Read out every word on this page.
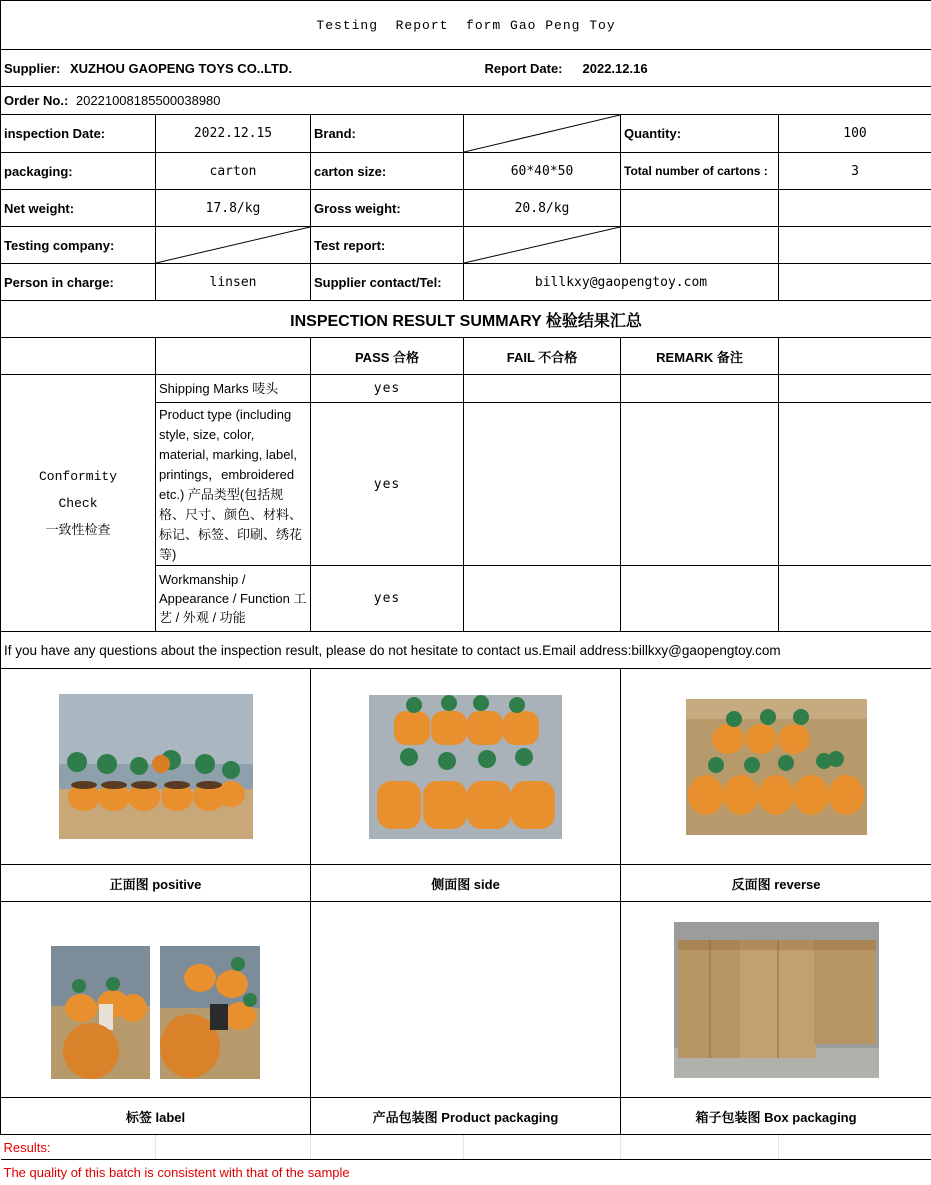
Testing  Report  form Gao Peng Toy					
Supplier: XUZHOU GAOPENG TOYS CO..LTD. Report Date: 2022.12.16					

Order No.: 20221008185500038980					
inspection Date:	2022.12.15	Brand:		Quantity:	100
packaging:	carton	carton size:	60*40*50	Total number of cartons :	3
Net weight:	17.8/kg	Gross weight:	20.8/kg		
Testing company:		Test report:	

Person in charge:	linsen	Supplier contact/Tel:	billkxy@gaopengtoy.com		
INSPECTION RESULT SUMMARY 检验结果汇总					
		PASS 合格	FAIL 不合格	REMARK 备注	

Conformity
Check
一致性检查	Shipping Marks 唛头	yes			
	Product type (including style, size, color, material, marking, label, printings，embroidered etc.) 产品类型(包括规格、尺寸、颜色、材料、标记、标签、印刷、绣花等)	yes			
	Workmanship / Appearance / Function 工艺 / 外观 / 功能	yes			
If you have any questions about the inspection result, please do not hesitate to contact us.Email address:billkxy@gaopengtoy.com					

正面图 positive		侧面图 side		反面图 reverse	

标签 label		产品包装图 Product packaging		箱子包装图 Box packaging	
Results:					
The quality of this batch is consistent with that of the sample					
